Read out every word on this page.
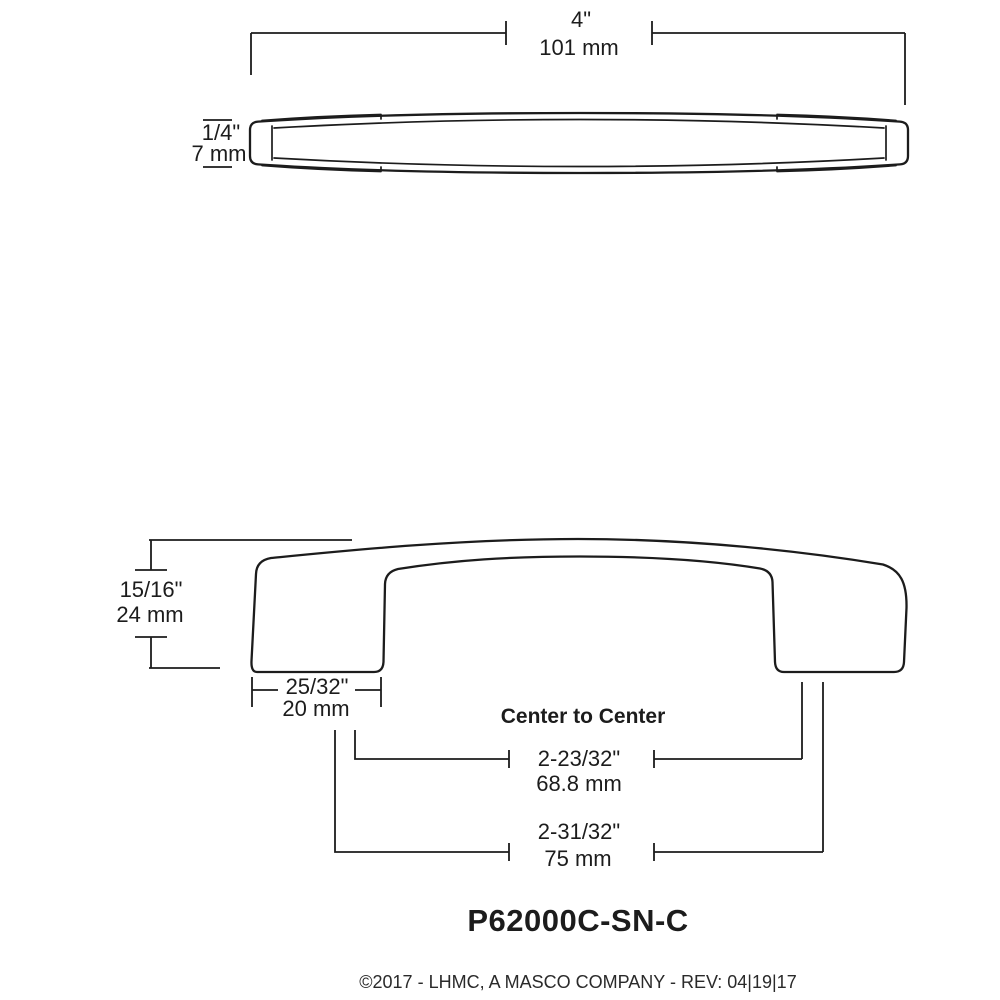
4"
101 mm
1/4"
7 mm
15/16"
24 mm
25/32"
20 mm	Center to Center
2-23/32"
68.8 mm
2-31/32"
75 mm
P62000C-SN-C
©2017 - LHMC, A MASCO COMPANY - REV: 04|19|17
